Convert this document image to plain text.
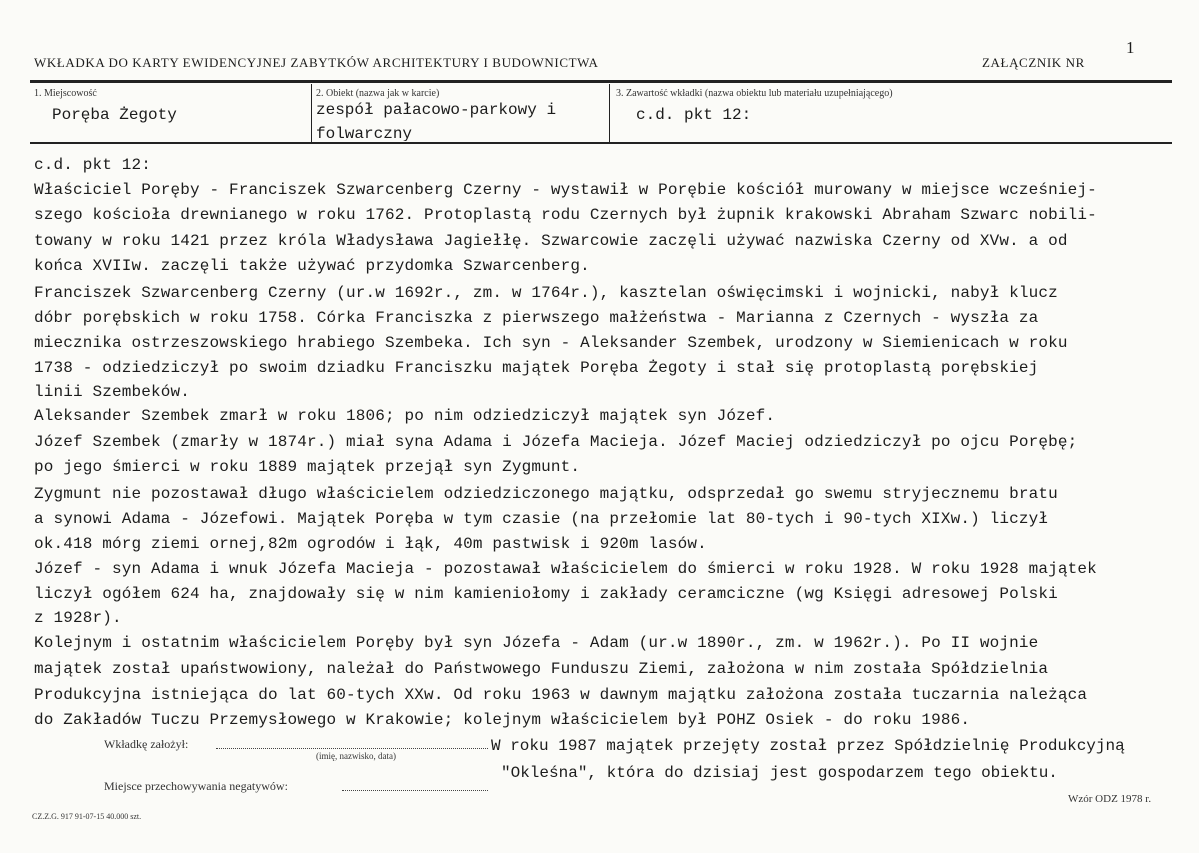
1
WKŁADKA DO KARTY EWIDENCYJNEJ ZABYTKÓW ARCHITEKTURY I BUDOWNICTWA	ZAŁĄCZNIK NR
1. Miejscowość
Poręba Żegoty
2. Obiekt (nazwa jak w karcie)
zespół pałacowo-parkowy i
folwarczny
3. Zawartość wkładki (nazwa obiektu lub materiału uzupełniającego)
c.d. pkt 12:
c.d. pkt 12:
Właściciel Poręby - Franciszek Szwarcenberg Czerny - wystawił w Porębie kościół murowany w miejsce wcześniej-
szego kościoła drewnianego w roku 1762. Protoplastą rodu Czernych był żupnik krakowski Abraham Szwarc nobili-
towany w roku 1421 przez króla Władysława Jagiełłę. Szwarcowie zaczęli używać nazwiska Czerny od XVw. a od
końca XVIIw. zaczęli także używać przydomka Szwarcenberg.
Franciszek Szwarcenberg Czerny (ur.w 1692r., zm. w 1764r.), kasztelan oświęcimski i wojnicki, nabył klucz
dóbr porębskich w roku 1758. Córka Franciszka z pierwszego małżeństwa - Marianna z Czernych - wyszła za
miecznika ostrzeszowskiego hrabiego Szembeka. Ich syn - Aleksander Szembek, urodzony w Siemienicach w roku
1738 - odziedziczył po swoim dziadku Franciszku majątek Poręba Żegoty i stał się protoplastą porębskiej
linii Szembeków.
Aleksander Szembek zmarł w roku 1806; po nim odziedziczył majątek syn Józef.
Józef Szembek (zmarły w 1874r.) miał syna Adama i Józefa Macieja. Józef Maciej odziedziczył po ojcu Porębę;
po jego śmierci w roku 1889 majątek przejął syn Zygmunt.
Zygmunt nie pozostawał długo właścicielem odziedziczonego majątku, odsprzedał go swemu stryjecznemu bratu
a synowi Adama - Józefowi. Majątek Poręba w tym czasie (na przełomie lat 80-tych i 90-tych XIXw.) liczył
ok.418 mórg ziemi ornej,82m ogrodów i łąk, 40m pastwisk i 920m lasów.
Józef - syn Adama i wnuk Józefa Macieja - pozostawał właścicielem do śmierci w roku 1928. W roku 1928 majątek
liczył ogółem 624 ha, znajdowały się w nim kamieniołomy i zakłady ceramciczne (wg Księgi adresowej Polski
z 1928r).
Kolejnym i ostatnim właścicielem Poręby był syn Józefa - Adam (ur.w 1890r., zm. w 1962r.). Po II wojnie
majątek został upaństwowiony, należał do Państwowego Funduszu Ziemi, założona w nim została Spółdzielnia
Produkcyjna istniejąca do lat 60-tych XXw. Od roku 1963 w dawnym majątku założona została tuczarnia należąca
do Zakładów Tuczu Przemysłowego w Krakowie; kolejnym właścicielem był POHZ Osiek - do roku 1986.
Wkładkę założył:
(imię, nazwisko, data)
W roku 1987 majątek przejęty został przez Spółdzielnię Produkcyjną
Miejsce przechowywania negatywów:
"Okleśna", która do dzisiaj jest gospodarzem tego obiektu.
Wzór ODZ 1978 r.
CZ.Z.G. 917 91-07-15 40.000 szt.
